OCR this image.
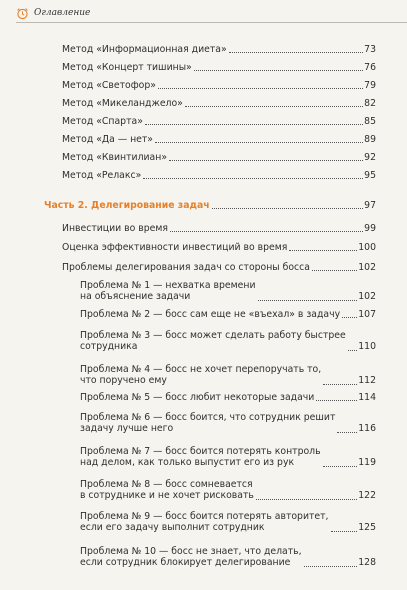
Оглавление
Метод «Информационная диета»	73
Метод «Концерт тишины»	76
Метод «Светофор»	79
Метод «Микеланджело»	82
Метод «Спарта»	85
Метод «Да — нет»	89
Метод «Квинтилиан»	92
Метод «Релакс»	95
Часть 2. Делегирование задач	97
Инвестиции во время	99
Оценка эффективности инвестиций во время	100
Проблемы делегирования задач со стороны босса	102
Проблема № 1 — нехватка времени
на объяснение задачи	102
Проблема № 2 — босс сам еще не «въехал» в задачу 107
Проблема № 3 — босс может сделать работу быстрее
сотрудника	110
Проблема № 4 — босс не хочет перепоручать то,
что поручено ему	112
Проблема № 5 — босс любит некоторые задачи	114
Проблема № 6 — босс боится, что сотрудник решит
задачу лучше него	116
Проблема № 7 — босс боится потерять контроль
над делом, как только выпустит его из рук	119
Проблема № 8 — босс сомневается
в сотруднике и не хочет рисковать	122
Проблема № 9 — босс боится потерять авторитет,
если его задачу выполнит сотрудник	125
Проблема № 10 — босс не знает, что делать,
если сотрудник блокирует делегирование	128
